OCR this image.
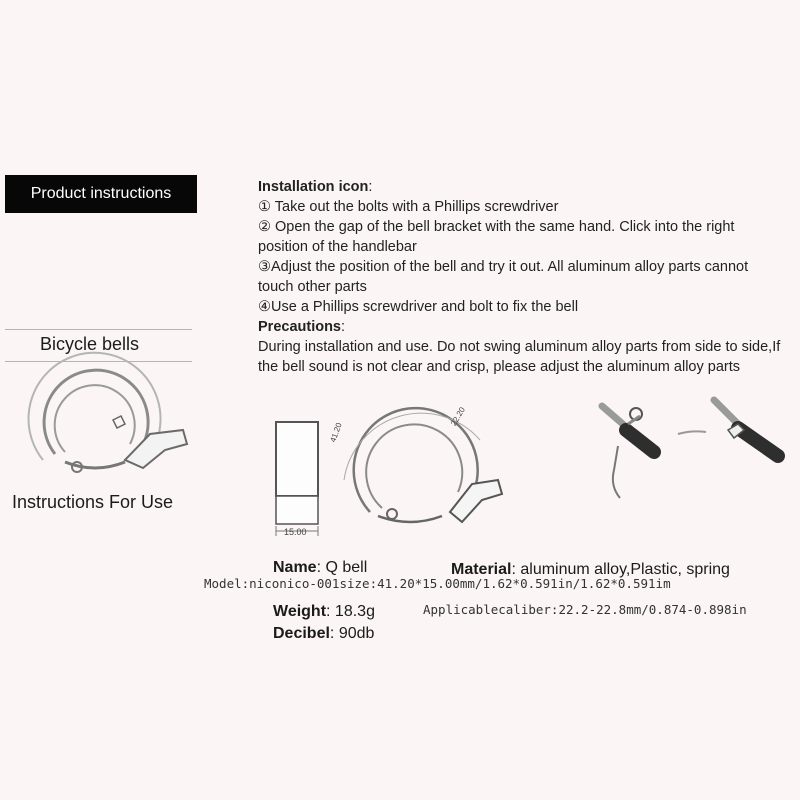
Product instructions
Bicycle bells
Instructions For Use
Installation icon:
① Take out the bolts with a Phillips screwdriver
② Open the gap of the bell bracket with the same hand. Click into the right position of the handlebar
③Adjust the position of the bell and try it out. All aluminum alloy parts cannot touch other parts
④Use a Phillips screwdriver and bolt to fix the bell
Precautions:
During installation and use. Do not swing aluminum alloy parts from side to side,If the bell sound is not clear and crisp, please adjust the aluminum alloy parts
15.00
41.20
22.20
Name: Q bell	Material: aluminum alloy,Plastic, spring
Model:niconico-001size:41.20*15.00mm/1.62*0.591in/1.62*0.591im
Weight: 18.3g	Applicablecaliber:22.2-22.8mm/0.874-0.898in
Decibel: 90db
